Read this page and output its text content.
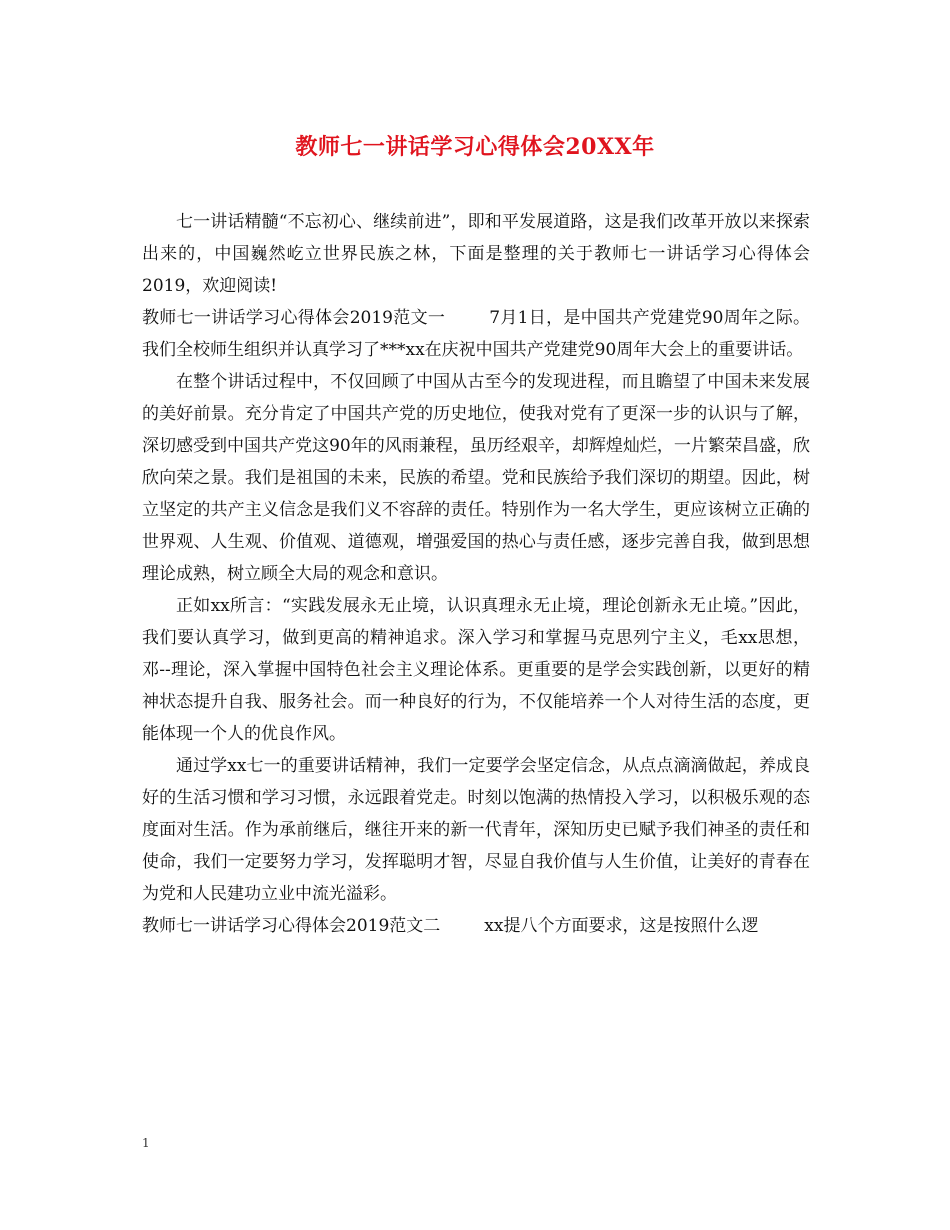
教师七一讲话学习心得体会20XX年

七一讲话精髓“不忘初心、继续前进”，即和平发展道路，这是我们改革开放以来探索出来的，中国巍然屹立世界民族之林，下面是整理的关于教师七一讲话学习心得体会2019，欢迎阅读!

教师七一讲话学习心得体会2019范文一	7月1日，是中国共产党建党90周年之际。我们全校师生组织并认真学习了***xx在庆祝中国共产党建党90周年大会上的重要讲话。

在整个讲话过程中，不仅回顾了中国从古至今的发现进程，而且瞻望了中国未来发展的美好前景。充分肯定了中国共产党的历史地位，使我对党有了更深一步的认识与了解，深切感受到中国共产党这90年的风雨兼程，虽历经艰辛，却辉煌灿烂，一片繁荣昌盛，欣欣向荣之景。我们是祖国的未来，民族的希望。党和民族给予我们深切的期望。因此，树立坚定的共产主义信念是我们义不容辞的责任。特别作为一名大学生，更应该树立正确的世界观、人生观、价值观、道德观，增强爱国的热心与责任感，逐步完善自我，做到思想理论成熟，树立顾全大局的观念和意识。

正如xx所言：“实践发展永无止境，认识真理永无止境，理论创新永无止境。”因此，我们要认真学习，做到更高的精神追求。深入学习和掌握马克思列宁主义，毛xx思想，邓--理论，深入掌握中国特色社会主义理论体系。更重要的是学会实践创新，以更好的精神状态提升自我、服务社会。而一种良好的行为，不仅能培养一个人对待生活的态度，更能体现一个人的优良作风。

通过学xx七一的重要讲话精神，我们一定要学会坚定信念，从点点滴滴做起，养成良好的生活习惯和学习习惯，永远跟着党走。时刻以饱满的热情投入学习，以积极乐观的态度面对生活。作为承前继后，继往开来的新一代青年，深知历史已赋予我们神圣的责任和使命，我们一定要努力学习，发挥聪明才智，尽显自我价值与人生价值，让美好的青春在为党和人民建功立业中流光溢彩。

教师七一讲话学习心得体会2019范文二	xx提八个方面要求，这是按照什么逻

1
